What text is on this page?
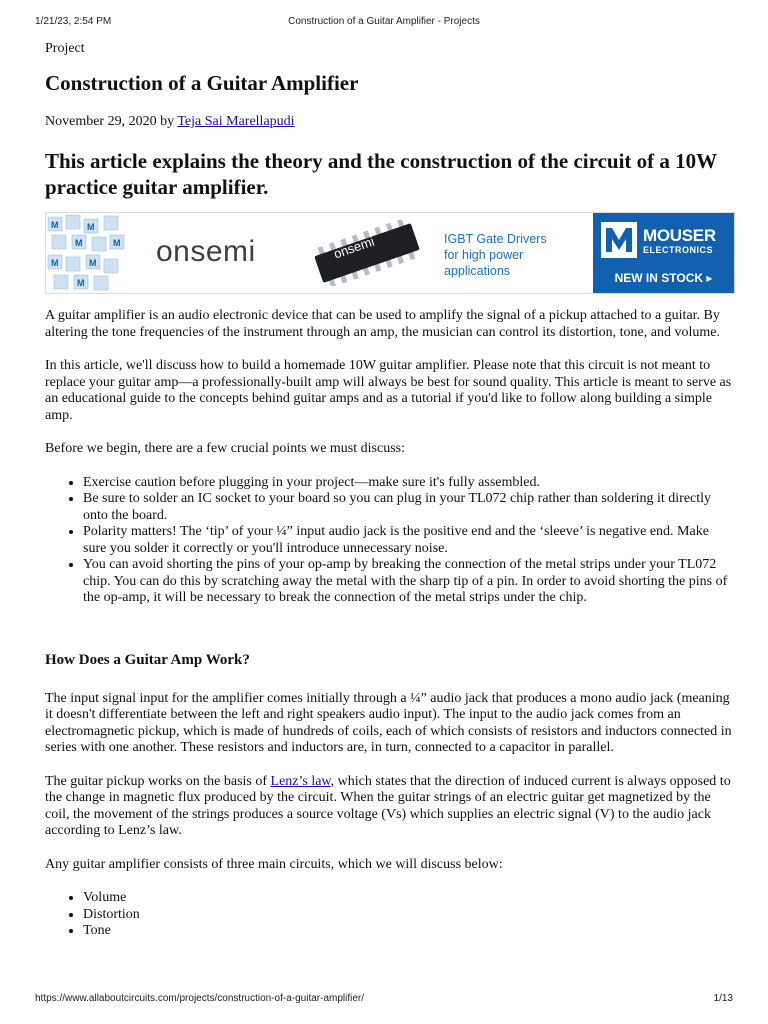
1/21/23, 2:54 PM	Construction of a Guitar Amplifier - Projects
Project
Construction of a Guitar Amplifier
November 29, 2020 by Teja Sai Marellapudi
This article explains the theory and the construction of the circuit of a 10W practice guitar amplifier.
M	M
M	M
M	M
M
onsemi	onsemi	IGBT Gate Drivers
for high power
applications
MOUSER
ELECTRONICS
NEW IN STOCK ▸

A guitar amplifier is an audio electronic device that can be used to amplify the signal of a pickup attached to a guitar. By altering the tone frequencies of the instrument through an amp, the musician can control its distortion, tone, and volume.

In this article, we'll discuss how to build a homemade 10W guitar amplifier. Please note that this circuit is not meant to replace your guitar amp—a professionally-built amp will always be best for sound quality. This article is meant to serve as an educational guide to the concepts behind guitar amps and as a tutorial if you'd like to follow along building a simple amp.

Before we begin, there are a few crucial points we must discuss:

• Exercise caution before plugging in your project—make sure it's fully assembled.
• Be sure to solder an IC socket to your board so you can plug in your TL072 chip rather than soldering it directly onto the board.
• Polarity matters! The ‘tip’ of your ¼” input audio jack is the positive end and the ‘sleeve’ is negative end. Make sure you solder it correctly or you'll introduce unnecessary noise.
• You can avoid shorting the pins of your op-amp by breaking the connection of the metal strips under your TL072 chip. You can do this by scratching away the metal with the sharp tip of a pin. In order to avoid shorting the pins of the op-amp, it will be necessary to break the connection of the metal strips under the chip.
How Does a Guitar Amp Work?

The input signal input for the amplifier comes initially through a ¼” audio jack that produces a mono audio jack (meaning it doesn't differentiate between the left and right speakers audio input). The input to the audio jack comes from an electromagnetic pickup, which is made of hundreds of coils, each of which consists of resistors and inductors connected in series with one another. These resistors and inductors are, in turn, connected to a capacitor in parallel.

The guitar pickup works on the basis of Lenz’s law, which states that the direction of induced current is always opposed to the change in magnetic flux produced by the circuit. When the guitar strings of an electric guitar get magnetized by the coil, the movement of the strings produces a source voltage (Vs) which supplies an electric signal (V) to the audio jack according to Lenz’s law.

Any guitar amplifier consists of three main circuits, which we will discuss below:

• Volume
• Distortion
• Tone
https://www.allaboutcircuits.com/projects/construction-of-a-guitar-amplifier/	1/13
